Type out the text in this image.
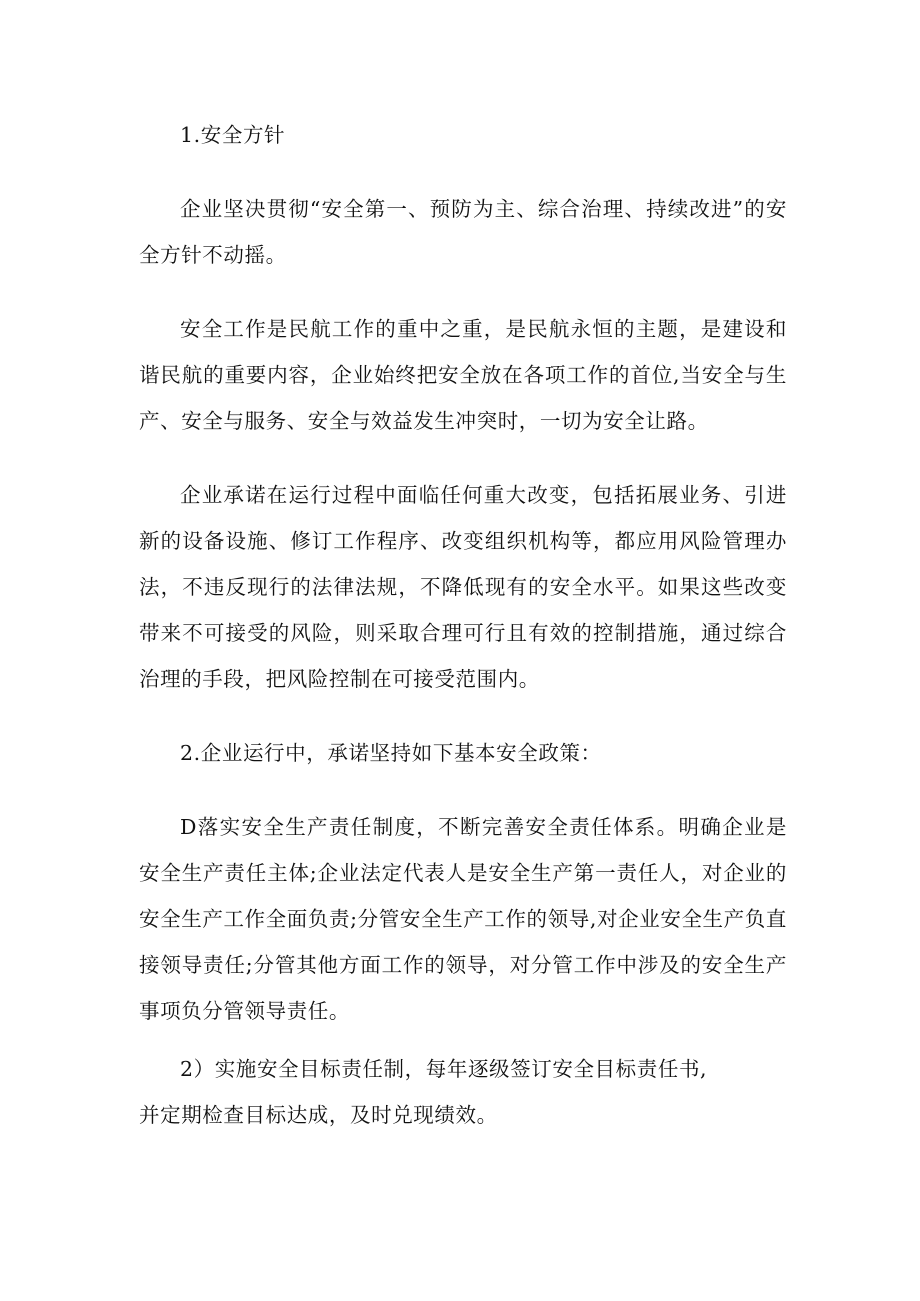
1.安全方针

企业坚决贯彻“安全第一、预防为主、综合治理、持续改进”的安全方针不动摇。

安全工作是民航工作的重中之重，是民航永恒的主题，是建设和谐民航的重要内容，企业始终把安全放在各项工作的首位,当安全与生产、安全与服务、安全与效益发生冲突时，一切为安全让路。

企业承诺在运行过程中面临任何重大改变，包括拓展业务、引进新的设备设施、修订工作程序、改变组织机构等，都应用风险管理办法，不违反现行的法律法规，不降低现有的安全水平。如果这些改变带来不可接受的风险，则采取合理可行且有效的控制措施，通过综合治理的手段，把风险控制在可接受范围内。

2.企业运行中，承诺坚持如下基本安全政策：

D落实安全生产责任制度，不断完善安全责任体系。明确企业是安全生产责任主体;企业法定代表人是安全生产第一责任人，对企业的安全生产工作全面负责;分管安全生产工作的领导,对企业安全生产负直接领导责任;分管其他方面工作的领导，对分管工作中涉及的安全生产事项负分管领导责任。

2）实施安全目标责任制，每年逐级签订安全目标责任书,
并定期检查目标达成，及时兑现绩效。
